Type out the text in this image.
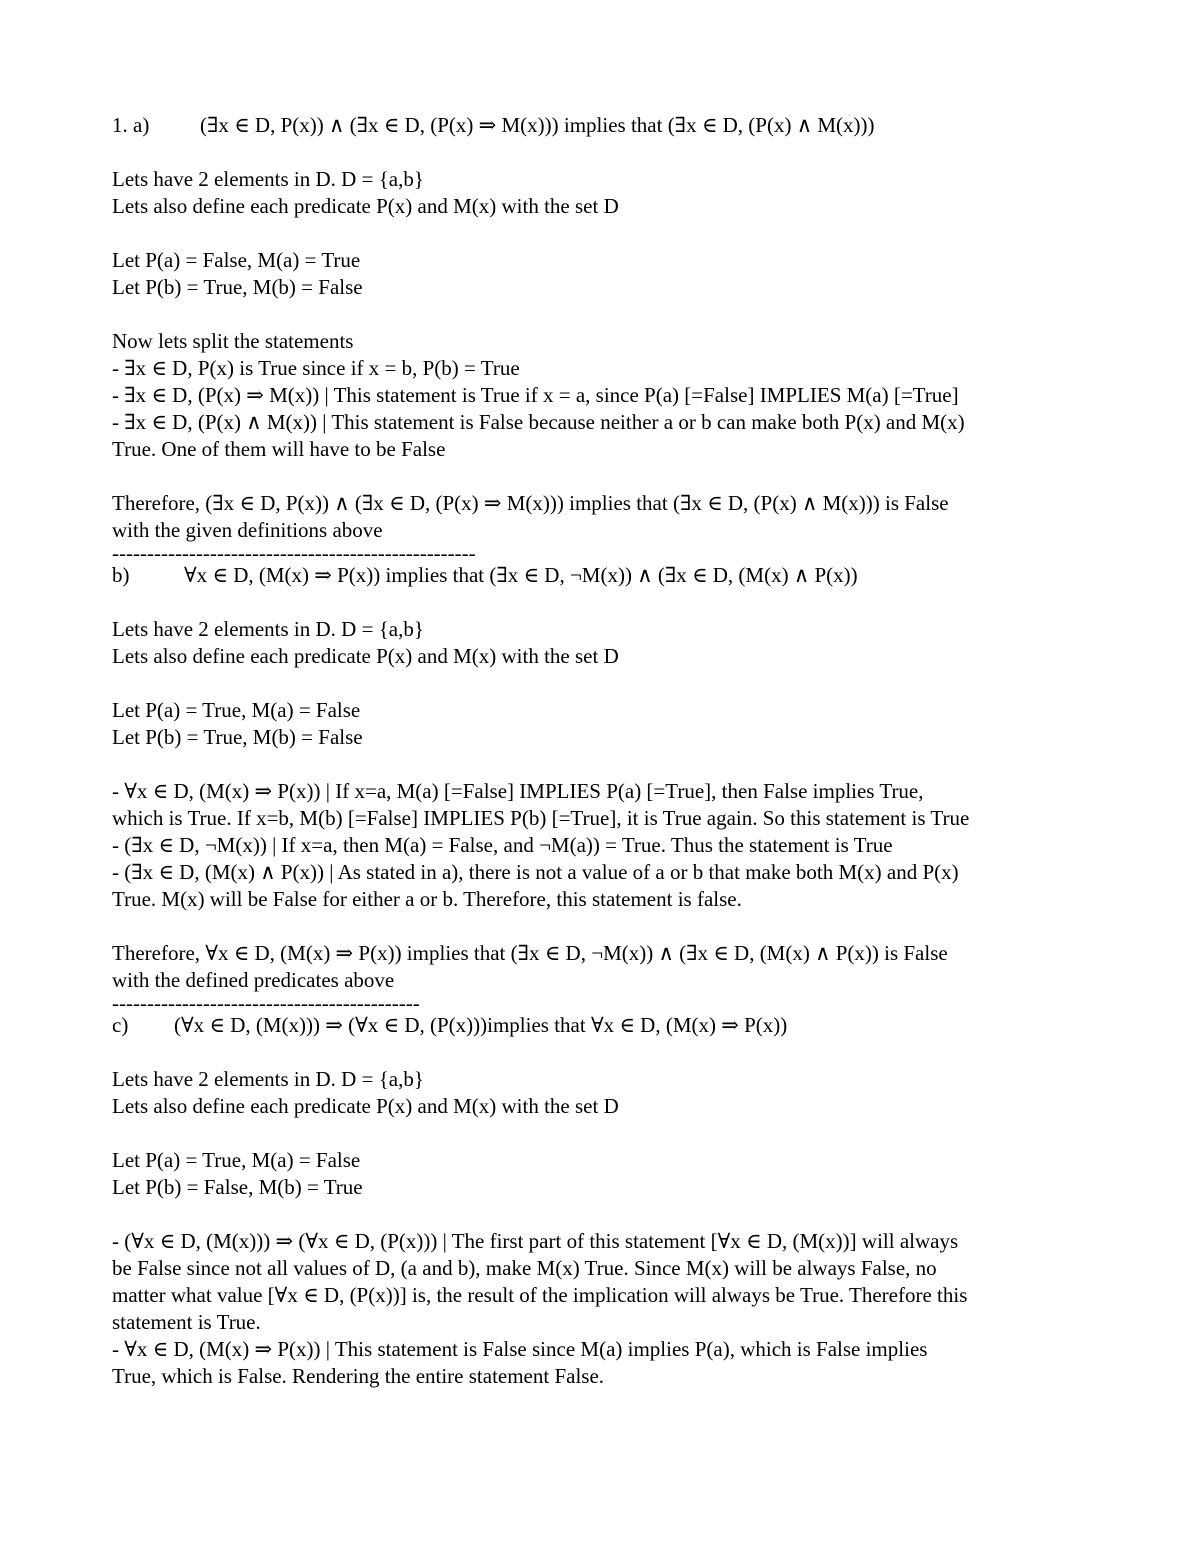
1. a) (∃x ∈ D, P(x)) ∧ (∃x ∈ D, (P(x) ⇒ M(x))) implies that (∃x ∈ D, (P(x) ∧ M(x)))
Lets have 2 elements in D. D = {a,b}
Lets also define each predicate P(x) and M(x) with the set D
Let P(a) = False, M(a) = True
Let P(b) = True, M(b) = False
Now lets split the statements
- ∃x ∈ D, P(x) is True since if x = b, P(b) = True
- ∃x ∈ D, (P(x) ⇒ M(x)) | This statement is True if x = a, since P(a) [=False] IMPLIES M(a) [=True]
- ∃x ∈ D, (P(x) ∧ M(x)) | This statement is False because neither a or b can make both P(x) and M(x)
True. One of them will have to be False
Therefore, (∃x ∈ D, P(x)) ∧ (∃x ∈ D, (P(x) ⇒ M(x))) implies that (∃x ∈ D, (P(x) ∧ M(x))) is False
with the given definitions above
----------------------------------------------------
b)	∀x ∈ D, (M(x) ⇒ P(x)) implies that (∃x ∈ D, ¬M(x)) ∧ (∃x ∈ D, (M(x) ∧ P(x))
Lets have 2 elements in D. D = {a,b}
Lets also define each predicate P(x) and M(x) with the set D
Let P(a) = True, M(a) = False
Let P(b) = True, M(b) = False
- ∀x ∈ D, (M(x) ⇒ P(x)) | If x=a, M(a) [=False] IMPLIES P(a) [=True], then False implies True,
which is True. If x=b, M(b) [=False] IMPLIES P(b) [=True], it is True again. So this statement is True
- (∃x ∈ D, ¬M(x)) | If x=a, then M(a) = False, and ¬M(a)) = True. Thus the statement is True
- (∃x ∈ D, (M(x) ∧ P(x)) | As stated in a), there is not a value of a or b that make both M(x) and P(x)
True. M(x) will be False for either a or b. Therefore, this statement is false.
Therefore, ∀x ∈ D, (M(x) ⇒ P(x)) implies that (∃x ∈ D, ¬M(x)) ∧ (∃x ∈ D, (M(x) ∧ P(x)) is False
with the defined predicates above
--------------------------------------------
c) (∀x ∈ D, (M(x))) ⇒ (∀x ∈ D, (P(x)))implies that ∀x ∈ D, (M(x) ⇒ P(x))
Lets have 2 elements in D. D = {a,b}
Lets also define each predicate P(x) and M(x) with the set D
Let P(a) = True, M(a) = False
Let P(b) = False, M(b) = True
- (∀x ∈ D, (M(x))) ⇒ (∀x ∈ D, (P(x))) | The first part of this statement [∀x ∈ D, (M(x))] will always
be False since not all values of D, (a and b), make M(x) True. Since M(x) will be always False, no
matter what value [∀x ∈ D, (P(x))] is, the result of the implication will always be True. Therefore this
statement is True.
- ∀x ∈ D, (M(x) ⇒ P(x)) | This statement is False since M(a) implies P(a), which is False implies
True, which is False. Rendering the entire statement False.
